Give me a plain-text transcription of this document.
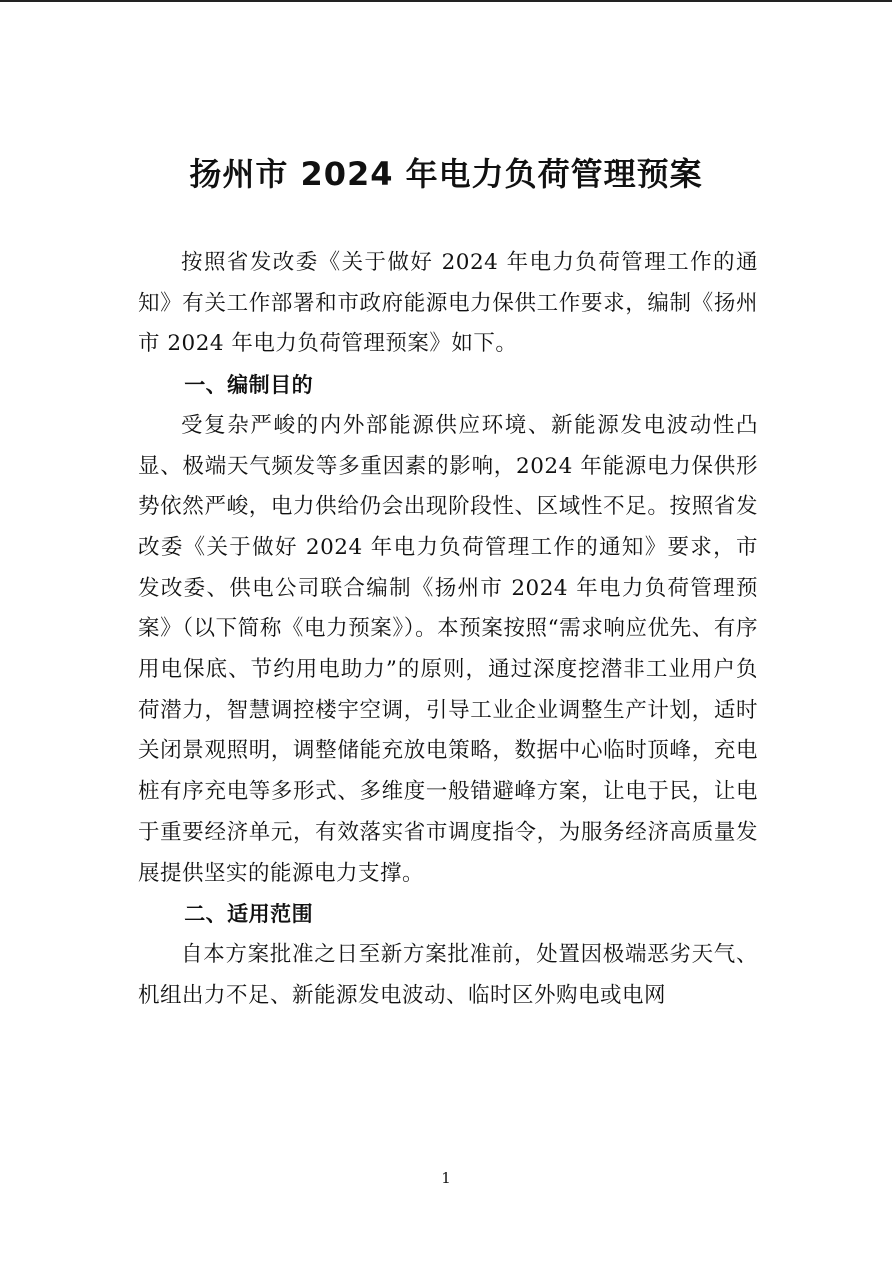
扬州市 2024 年电力负荷管理预案

按照省发改委《关于做好 2024 年电力负荷管理工作的通知》有关工作部署和市政府能源电力保供工作要求，编制《扬州市 2024 年电力负荷管理预案》如下。

一、编制目的

受复杂严峻的内外部能源供应环境、新能源发电波动性凸显、极端天气频发等多重因素的影响，2024 年能源电力保供形势依然严峻，电力供给仍会出现阶段性、区域性不足。按照省发改委《关于做好 2024 年电力负荷管理工作的通知》要求，市发改委、供电公司联合编制《扬州市 2024 年电力负荷管理预案》（以下简称《电力预案》）。本预案按照“需求响应优先、有序用电保底、节约用电助力”的原则，通过深度挖潜非工业用户负荷潜力，智慧调控楼宇空调，引导工业企业调整生产计划，适时关闭景观照明，调整储能充放电策略，数据中心临时顶峰，充电桩有序充电等多形式、多维度一般错避峰方案，让电于民，让电于重要经济单元，有效落实省市调度指令，为服务经济高质量发展提供坚实的能源电力支撑。

二、适用范围

自本方案批准之日至新方案批准前，处置因极端恶劣天气、机组出力不足、新能源发电波动、临时区外购电或电网

1
